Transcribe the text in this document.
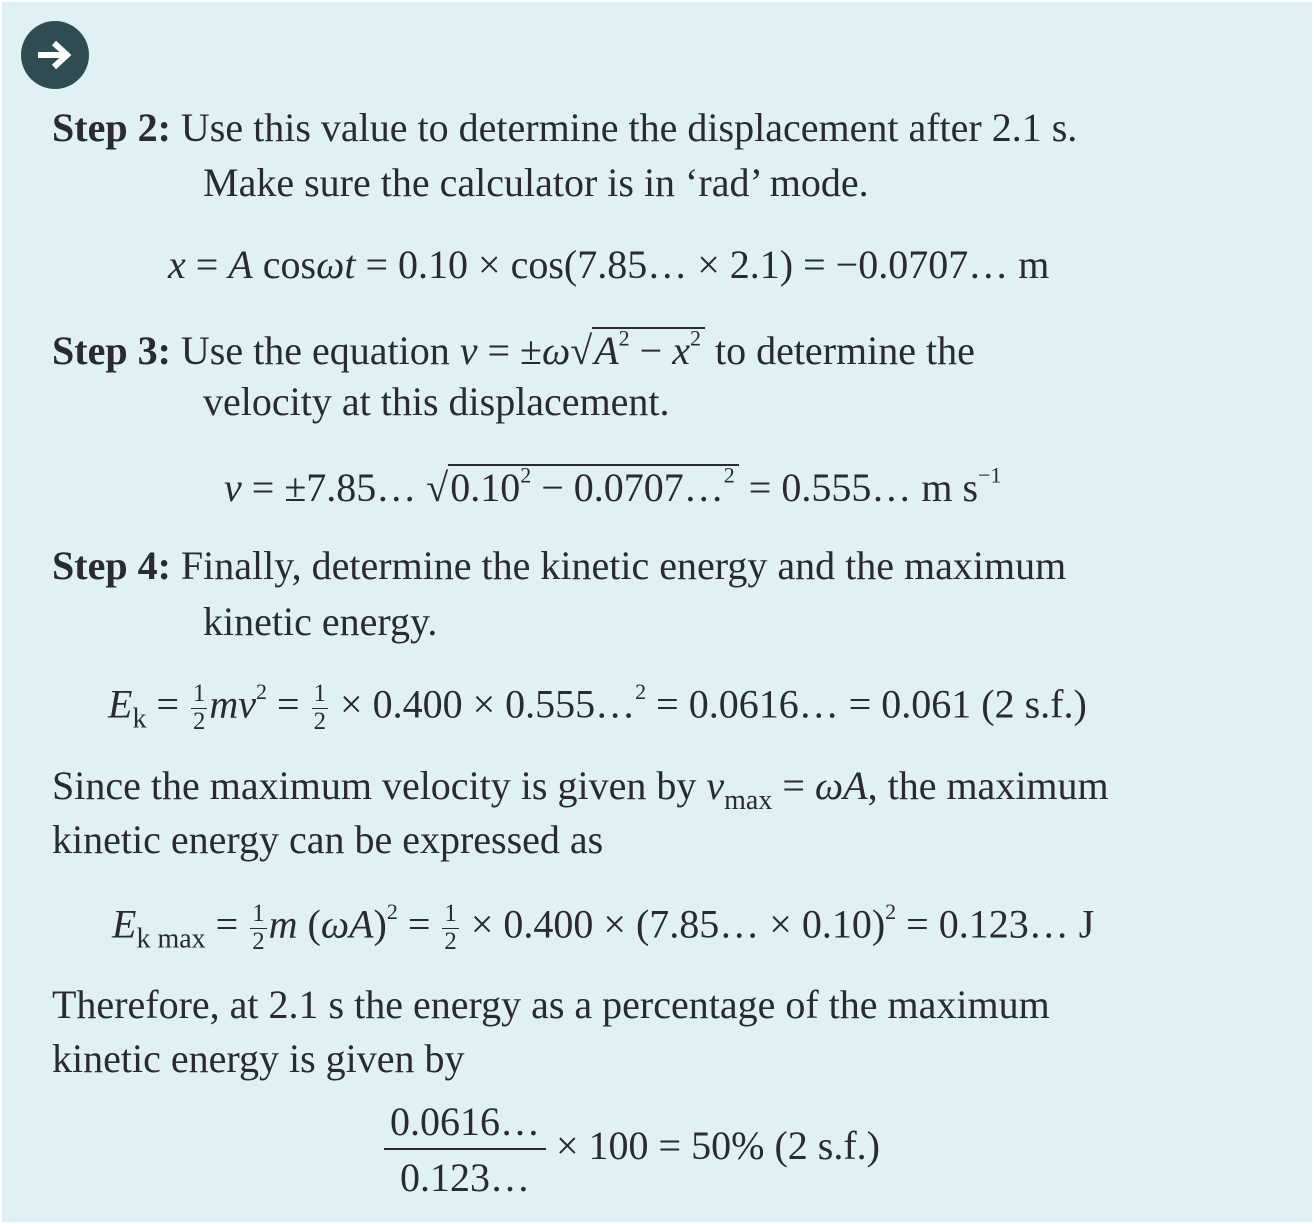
Step 2: Use this value to determine the displacement after 2.1 s.
Make sure the calculator is in ‘rad’ mode.
x = A cosωt = 0.10 × cos(7.85… × 2.1) = −0.0707… m
Step 3: Use the equation $v = \pm\omega√A^2 - x^2$ to determine the
velocity at this displacement.
v = ±7.85… $√0.10^2$ − 0.0707…$^2$ = 0.555… m $s^{-1}$
Step 4: Finally, determine the kinetic energy and the maximum
kinetic energy.
$E_k = \frac{1}{2} mv^2 = \frac{1}{2} \times 0.400$ × 0.555…$^2$ = 0.0616… = 0.061 (2 s.f.)
Since the maximum velocity is given by $v_{max} = \omega A$, the maximum
kinetic energy can be expressed as
$E_{k max} = \frac{1}{2}$ m $(\omega A)^2 = \frac{1}{2} \times 0.400$ × (7.85… × 0.10)$^2$ = 0.123… J
Therefore, at 2.1 s the energy as a percentage of the maximum
kinetic energy is given by
$\frac{0.0616\dots}{0.123\dots} \times 100 = 50\%$ (2 s.f.)
